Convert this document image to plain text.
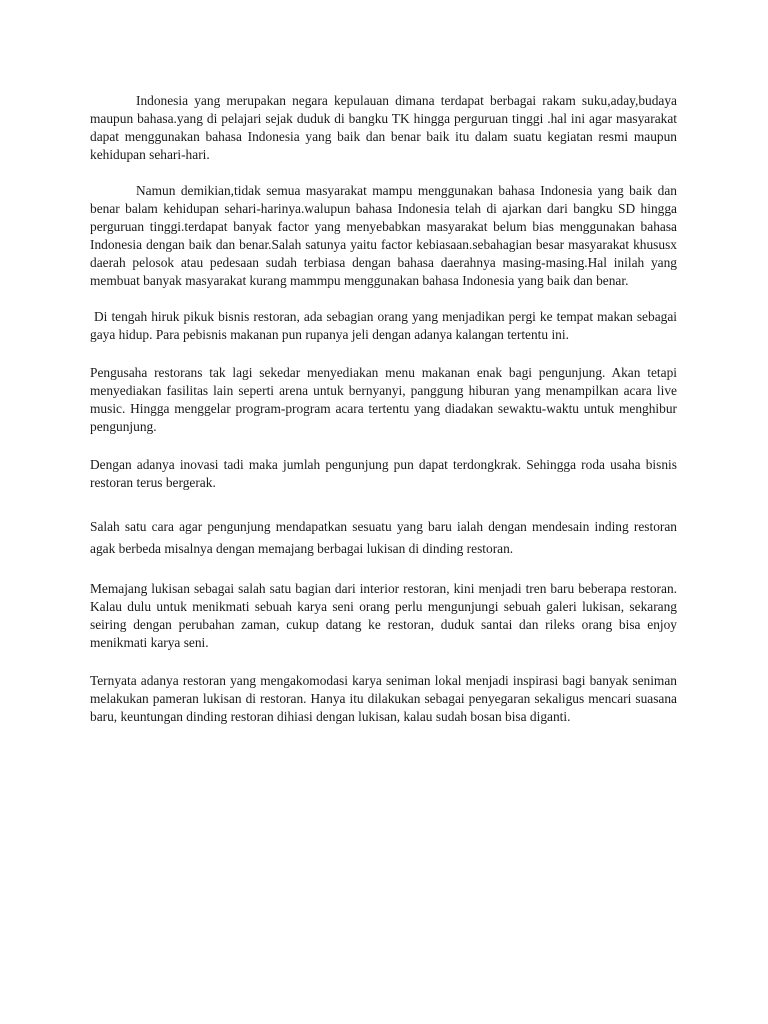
Indonesia yang merupakan negara kepulauan dimana terdapat berbagai rakam suku,aday,budaya maupun bahasa.yang di pelajari sejak duduk di bangku TK hingga perguruan tinggi .hal ini agar masyarakat dapat menggunakan bahasa Indonesia yang baik dan benar baik itu dalam suatu kegiatan resmi maupun kehidupan sehari-hari.

Namun demikian,tidak semua masyarakat mampu menggunakan bahasa Indonesia yang baik dan benar balam kehidupan sehari-harinya.walupun bahasa Indonesia telah di ajarkan dari bangku SD hingga perguruan tinggi.terdapat banyak factor yang menyebabkan masyarakat belum bias menggunakan bahasa Indonesia dengan baik dan benar.Salah satunya yaitu factor kebiasaan.sebahagian besar masyarakat khususx daerah pelosok atau pedesaan sudah terbiasa dengan bahasa daerahnya masing-masing.Hal inilah yang membuat banyak masyarakat kurang mammpu menggunakan bahasa Indonesia yang baik dan benar.

Di tengah hiruk pikuk bisnis restoran, ada sebagian orang yang menjadikan pergi ke tempat makan sebagai gaya hidup. Para pebisnis makanan pun rupanya jeli dengan adanya kalangan tertentu ini.

Pengusaha restorans tak lagi sekedar menyediakan menu makanan enak bagi pengunjung. Akan tetapi menyediakan fasilitas lain seperti arena untuk bernyanyi, panggung hiburan yang menampilkan acara live music. Hingga menggelar program-program acara tertentu yang diadakan sewaktu-waktu untuk menghibur pengunjung.

Dengan adanya inovasi tadi maka jumlah pengunjung pun dapat terdongkrak. Sehingga roda usaha bisnis restoran terus bergerak.

Salah satu cara agar pengunjung mendapatkan sesuatu yang baru ialah dengan mendesain inding restoran agak berbeda misalnya dengan memajang berbagai lukisan di dinding restoran.

Memajang lukisan sebagai salah satu bagian dari interior restoran, kini menjadi tren baru beberapa restoran. Kalau dulu untuk menikmati sebuah karya seni orang perlu mengunjungi sebuah galeri lukisan, sekarang seiring dengan perubahan zaman, cukup datang ke restoran, duduk santai dan rileks orang bisa enjoy menikmati karya seni.

Ternyata adanya restoran yang mengakomodasi karya seniman lokal menjadi inspirasi bagi banyak seniman melakukan pameran lukisan di restoran. Hanya itu dilakukan sebagai penyegaran sekaligus mencari suasana baru, keuntungan dinding restoran dihiasi dengan lukisan, kalau sudah bosan bisa diganti.
